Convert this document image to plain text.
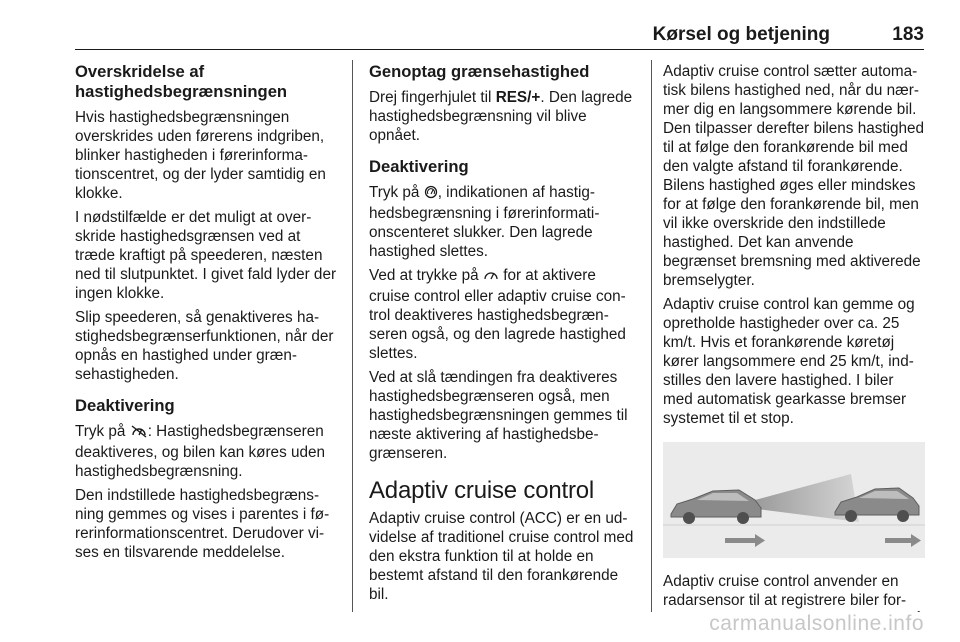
Kørsel og betjening	183
Overskridelse af hastighedsbegrænsningen

Hvis hastighedsbegrænsningen overskrides uden førerens indgriben, blinker hastigheden i førerinformationscentret, og der lyder samtidig en klokke.

I nødstilfælde er det muligt at overskride hastighedsgrænsen ved at træde kraftigt på speederen, næsten ned til slutpunktet. I givet fald lyder der ingen klokke.

Slip speederen, så genaktiveres hastighedsbegrænserfunktionen, når der opnås en hastighed under grænsehastigheden.

Deaktivering

Tryk på : Hastighedsbegrænseren deaktiveres, og bilen kan køres uden hastighedsbegrænsning.

Den indstillede hastighedsbegrænsning gemmes og vises i parentes i førerinformationscentret. Derudover vises en tilsvarende meddelelse.

Genoptag grænsehastighed

Drej fingerhjulet til RES/+. Den lagrede hastighedsbegrænsning vil blive opnået.

Deaktivering

Tryk på , indikationen af hastighedsbegrænsning i førerinformationscenteret slukker. Den lagrede hastighed slettes.

Ved at trykke på for at aktivere cruise control eller adaptiv cruise control deaktiveres hastighedsbegrænseren også, og den lagrede hastighed slettes.

Ved at slå tændingen fra deaktiveres hastighedsbegrænseren også, men hastighedsbegrænsningen gemmes til næste aktivering af hastighedsbegrænseren.

Adaptiv cruise control

Adaptiv cruise control (ACC) er en udvidelse af traditionel cruise control med den ekstra funktion til at holde en bestemt afstand til den forankørende bil.

Adaptiv cruise control sætter automatisk bilens hastighed ned, når du nærmer dig en langsommere kørende bil. Den tilpasser derefter bilens hastighed til at følge den forankørende bil med den valgte afstand til forankørende. Bilens hastighed øges eller mindskes for at følge den forankørende bil, men vil ikke overskride den indstillede hastighed. Det kan anvende begrænset bremsning med aktiverede bremselygter.

Adaptiv cruise control kan gemme og opretholde hastigheder over ca. 25 km/t. Hvis et forankørende køretøj kører langsommere end 25 km/t, indstilles den lavere hastighed. I biler med automatisk gearkasse bremser systemet til et stop.

Adaptiv cruise control anvender en radarsensor til at registrere biler for

carmanualsonline.info
